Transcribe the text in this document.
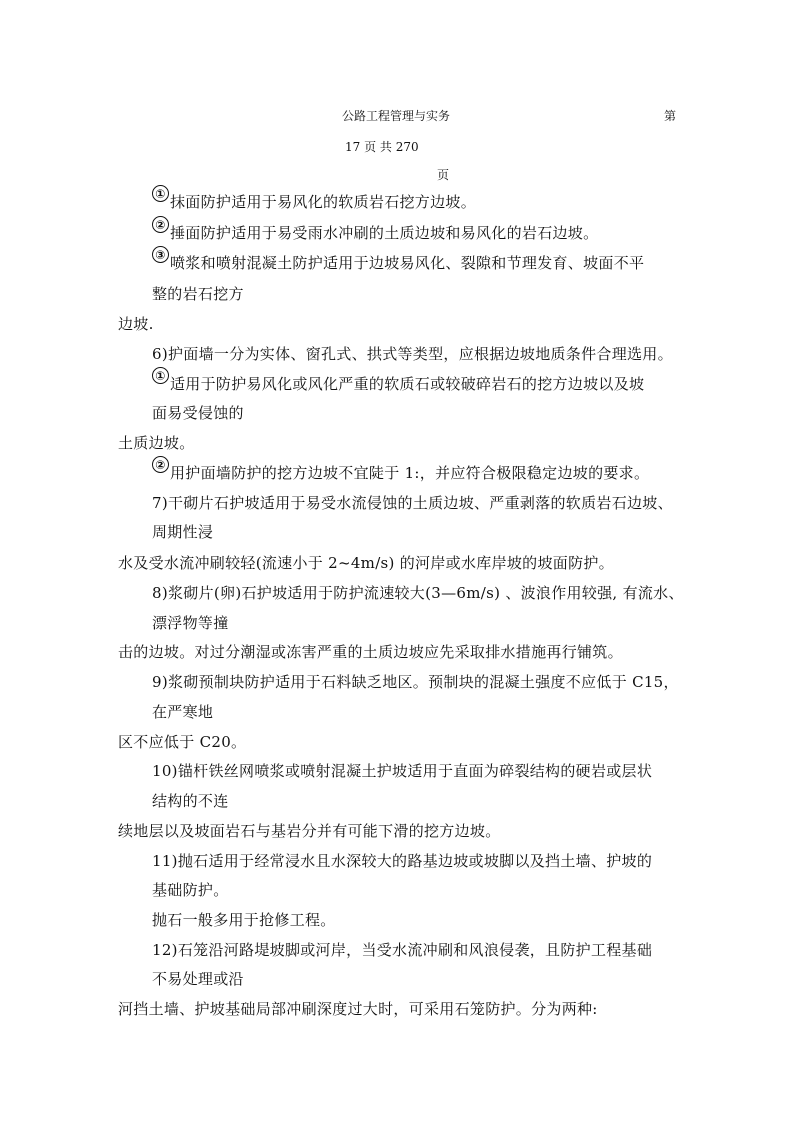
公路工程管理与实务	第
17 页 共 270
页
① 抹面防护适用于易风化的软质岩石挖方边坡。
② 捶面防护适用于易受雨水冲刷的土质边坡和易风化的岩石边坡。
③ 喷浆和喷射混凝土防护适用于边坡易风化、裂隙和节理发育、坡面不平
整的岩石挖方
边坡.
6)护面墙一分为实体、窗孔式、拱式等类型，应根据边坡地质条件合理选用。
① 适用于防护易风化或风化严重的软质石或较破碎岩石的挖方边坡以及坡
面易受侵蚀的
土质边坡。
② 用护面墙防护的挖方边坡不宜陡于 1:，并应符合极限稳定边坡的要求。
7)干砌片石护坡适用于易受水流侵蚀的土质边坡、严重剥落的软质岩石边坡、
周期性浸
水及受水流冲刷较轻(流速小于 2~4m/s) 的河岸或水库岸坡的坡面防护。
8)浆砌片(卵)石护坡适用于防护流速较大(3—6m/s) 、波浪作用较强, 有流水、
漂浮物等撞
击的边坡。对过分潮湿或冻害严重的土质边坡应先采取排水措施再行铺筑。
9)浆砌预制块防护适用于石料缺乏地区。预制块的混凝土强度不应低于 C15，
在严寒地
区不应低于 C20。
10)锚杆铁丝网喷浆或喷射混凝土护坡适用于直面为碎裂结构的硬岩或层状
结构的不连
续地层以及坡面岩石与基岩分并有可能下滑的挖方边坡。
11)抛石适用于经常浸水且水深较大的路基边坡或坡脚以及挡土墙、护坡的
基础防护。
抛石一般多用于抢修工程。
12)石笼沿河路堤坡脚或河岸，当受水流冲刷和风浪侵袭，且防护工程基础
不易处理或沿
河挡土墙、护坡基础局部冲刷深度过大时，可采用石笼防护。分为两种:
